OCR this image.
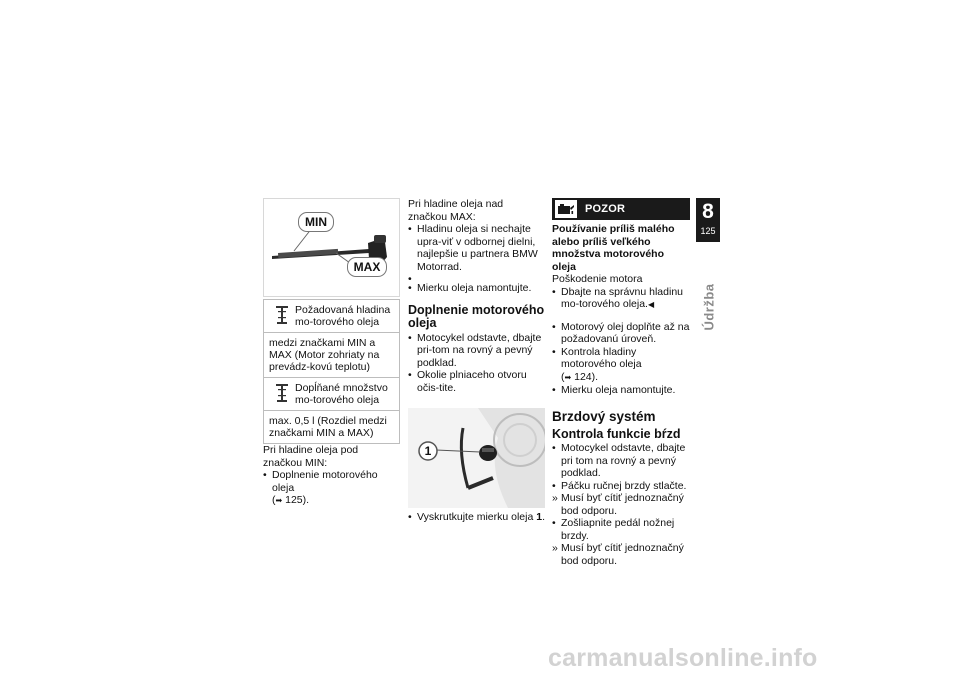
MIN
MAX
Požadovaná hladina mo-torového oleja

medzi značkami MIN a MAX (Motor zohriaty na prevádz-kovú teplotu)

Dopĺňané množstvo mo-torového oleja

max. 0,5 l (Rozdiel medzi značkami MIN a MAX)

Pri hladine oleja pod značkou MIN:

• Doplnenie motorového oleja
(➡ 125).

Pri hladine oleja nad značkou MAX:

• Hladinu oleja si nechajte upra-viť v odbornej dielni, najlepšie u partnera BMW Motorrad.
•
• Mierku oleja namontujte.
Doplnenie motorového oleja
• Motocykel odstavte, dbajte pri-tom na rovný a pevný podklad.
• Okolie plniaceho otvoru očis-tite.
1
• Vyskrutkujte mierku oleja 1.
POZOR

Používanie príliš malého alebo príliš veľkého množstva motorového oleja

Poškodenie motora

• Dbajte na správnu hladinu mo-torového oleja.◀
• Motorový olej doplňte až na požadovanú úroveň.
• Kontrola hladiny motorového oleja
(➡ 124).
• Mierku oleja namontujte.
Brzdový systém
Kontrola funkcie bŕzd
• Motocykel odstavte, dbajte pri tom na rovný a pevný podklad.
• Páčku ručnej brzdy stlačte.
» Musí byť cítiť jednoznačný bod odporu.
• Zošliapnite pedál nožnej brzdy.
» Musí byť cítiť jednoznačný bod odporu.
8
125
Údržba
carmanualsonline.info
